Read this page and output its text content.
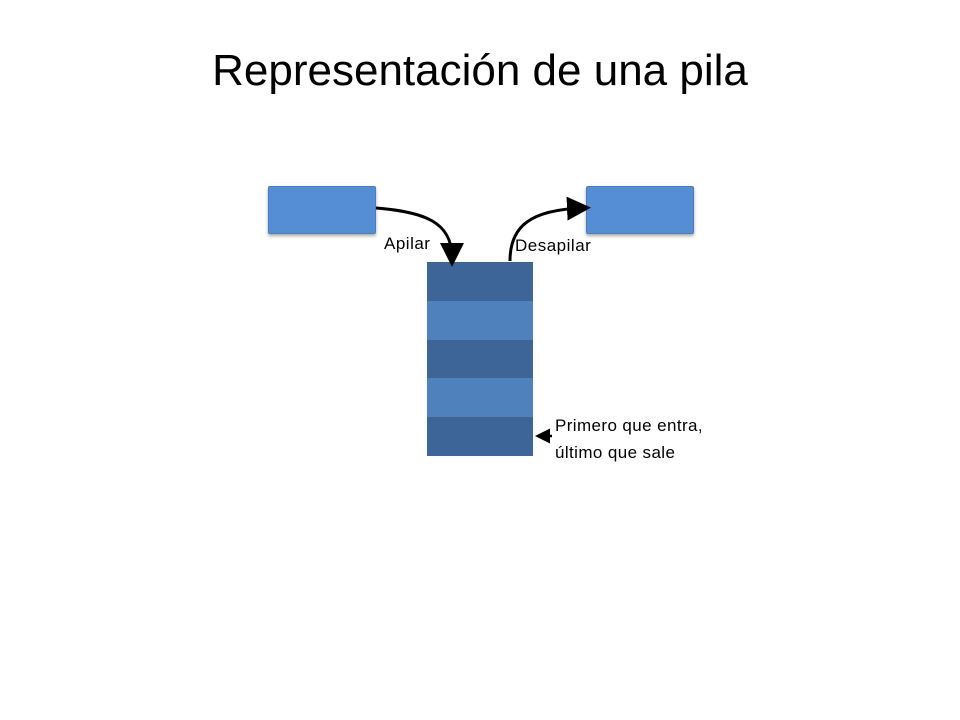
Representación de una pila
Apilar	Desapilar
Primero que entra,
último que sale
